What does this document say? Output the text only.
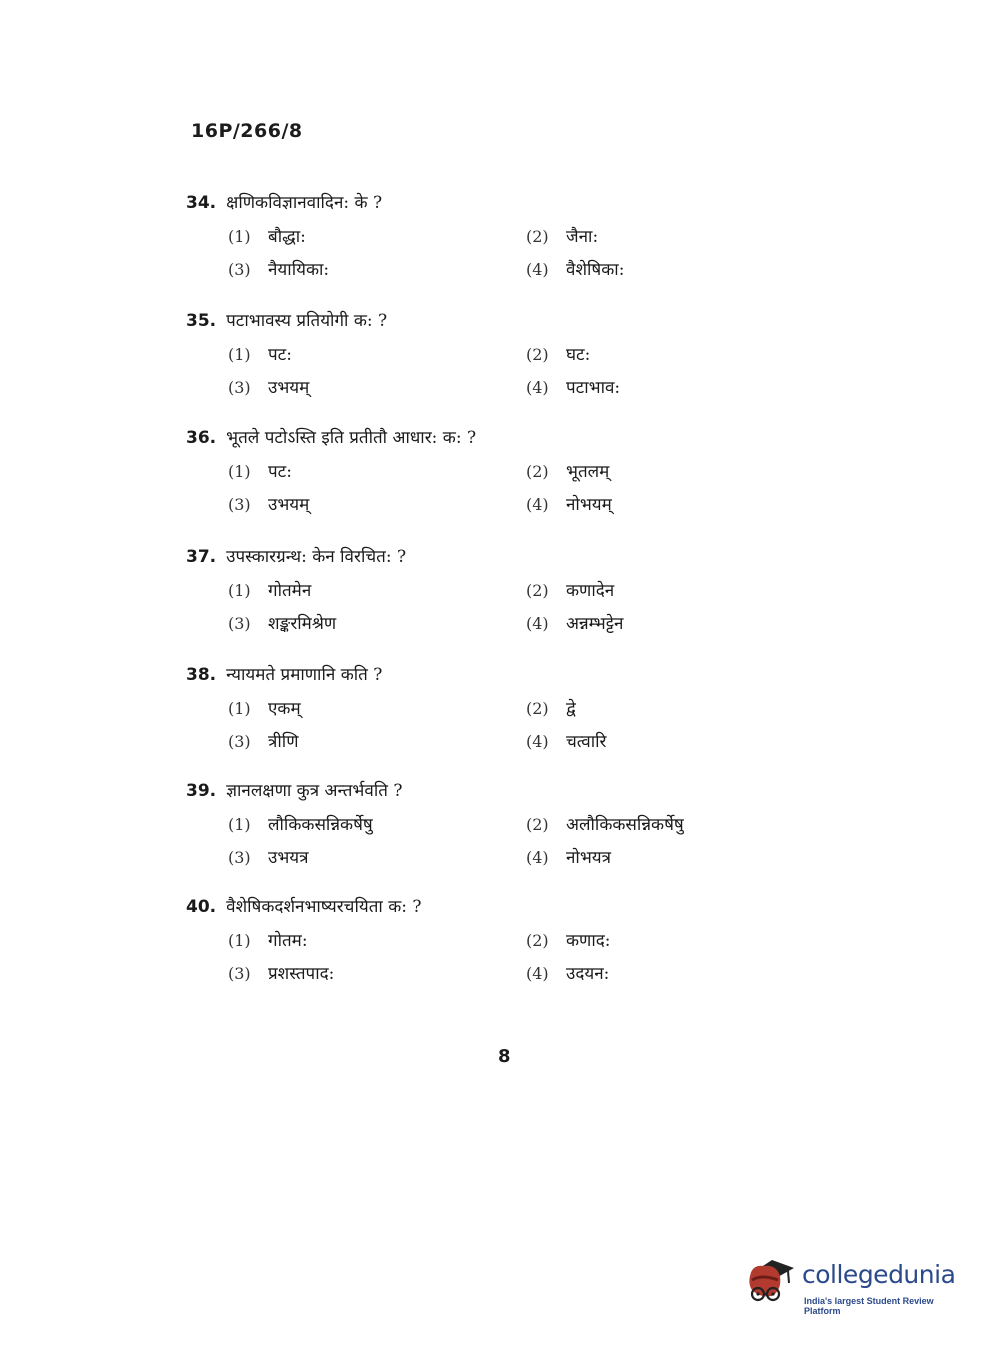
16P/266/8
34. क्षणिकविज्ञानवादिन: के ?
(1) बौद्धा:	(2) जैना:
(3) नैयायिका:	(4) वैशेषिका:
35. पटाभावस्य प्रतियोगी क: ?
(1) पट:	(2) घट:
(3) उभयम्	(4) पटाभाव:
36. भूतले पटोऽस्ति इति प्रतीतौ आधार: क: ?
(1) पट:	(2) भूतलम्
(3) उभयम्	(4) नोभयम्
37. उपस्कारग्रन्थ: केन विरचित: ?
(1) गोतमेन	(2) कणादेन
(3) शङ्करमिश्रेण	(4) अन्नम्भट्टेन
38. न्यायमते प्रमाणानि कति ?
(1) एकम्	(2) द्वे
(3) त्रीणि	(4) चत्वारि
39. ज्ञानलक्षणा कुत्र अन्तर्भवति ?
(1) लौकिकसन्निकर्षेषु	(2) अलौकिकसन्निकर्षेषु
(3) उभयत्र	(4) नोभयत्र
40. वैशेषिकदर्शनभाष्यरचयिता क: ?
(1) गोतम:	(2) कणाद:
(3) प्रशस्तपाद:	(4) उदयन:
8
collegedunia
India's largest Student Review Platform
